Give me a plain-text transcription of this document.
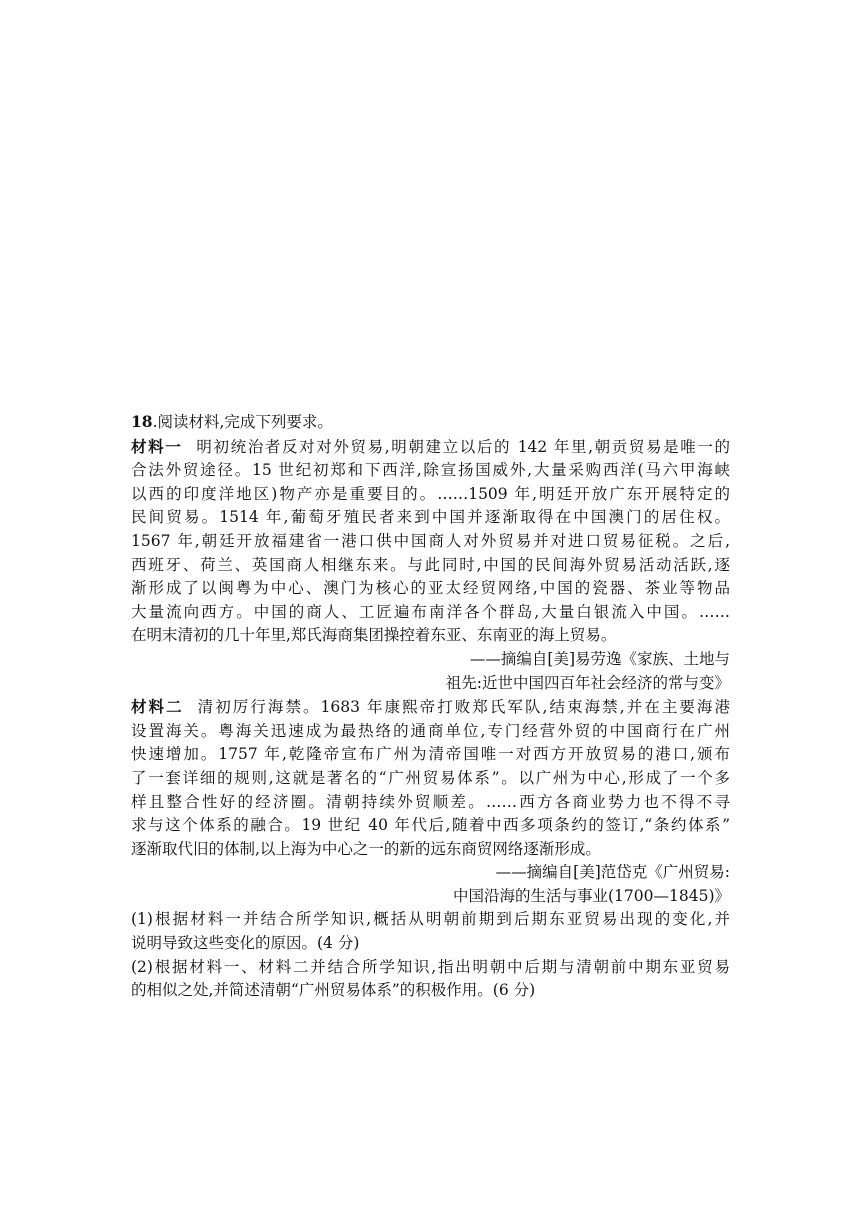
18.阅读材料,完成下列要求。
材料一 明初统治者反对对外贸易,明朝建立以后的 142 年里,朝贡贸易是唯一的
合法外贸途径。15 世纪初郑和下西洋,除宣扬国威外,大量采购西洋(马六甲海峡
以西的印度洋地区)物产亦是重要目的。……1509 年,明廷开放广东开展特定的
民间贸易。1514 年,葡萄牙殖民者来到中国并逐渐取得在中国澳门的居住权。
1567 年,朝廷开放福建省一港口供中国商人对外贸易并对进口贸易征税。之后,
西班牙、荷兰、英国商人相继东来。与此同时,中国的民间海外贸易活动活跃,逐
渐形成了以闽粤为中心、澳门为核心的亚太经贸网络,中国的瓷器、茶业等物品
大量流向西方。中国的商人、工匠遍布南洋各个群岛,大量白银流入中国。……
在明末清初的几十年里,郑氏海商集团操控着东亚、东南亚的海上贸易。
——摘编自[美]易劳逸《家族、土地与
祖先:近世中国四百年社会经济的常与变》
材料二 清初厉行海禁。1683 年康熙帝打败郑氏军队,结束海禁,并在主要海港
设置海关。粤海关迅速成为最热络的通商单位,专门经营外贸的中国商行在广州
快速增加。1757 年,乾隆帝宣布广州为清帝国唯一对西方开放贸易的港口,颁布
了一套详细的规则,这就是著名的“广州贸易体系”。以广州为中心,形成了一个多
样且整合性好的经济圈。清朝持续外贸顺差。……西方各商业势力也不得不寻
求与这个体系的融合。19 世纪 40 年代后,随着中西多项条约的签订,“条约体系”
逐渐取代旧的体制,以上海为中心之一的新的远东商贸网络逐渐形成。
——摘编自[美]范岱克《广州贸易:
中国沿海的生活与事业(1700—1845)》
(1)根据材料一并结合所学知识,概括从明朝前期到后期东亚贸易出现的变化,并
说明导致这些变化的原因。(4 分)
(2)根据材料一、材料二并结合所学知识,指出明朝中后期与清朝前中期东亚贸易
的相似之处,并简述清朝“广州贸易体系”的积极作用。(6 分)
